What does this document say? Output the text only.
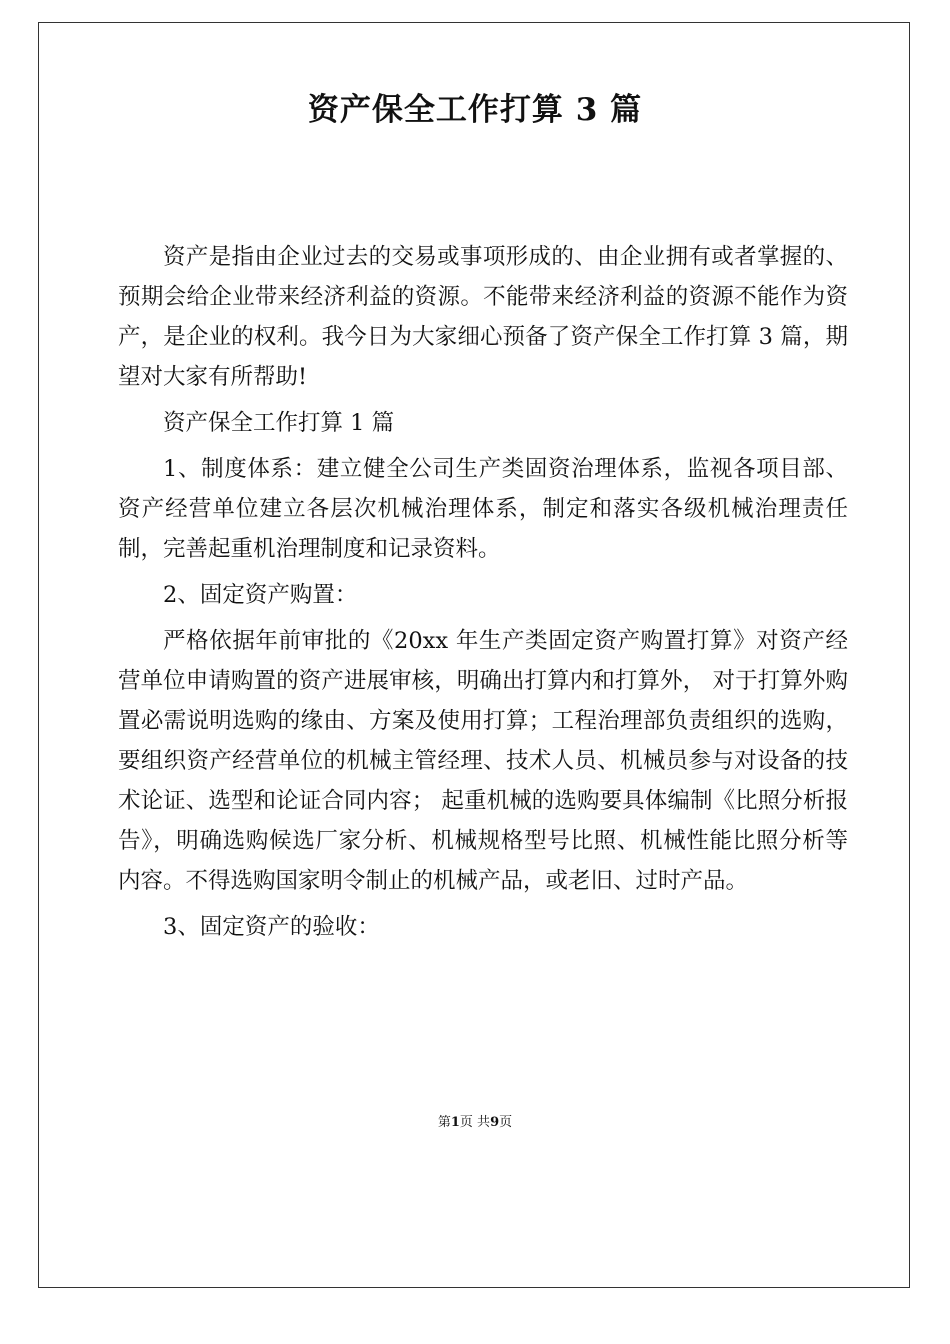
资产保全工作打算 3 篇

资产是指由企业过去的交易或事项形成的、由企业拥有或者掌握的、预期会给企业带来经济利益的资源。不能带来经济利益的资源不能作为资产，是企业的权利。我今日为大家细心预备了资产保全工作打算 3 篇，期望对大家有所帮助!

资产保全工作打算 1 篇

1、制度体系：建立健全公司生产类固资治理体系，监视各项目部、资产经营单位建立各层次机械治理体系，制定和落实各级机械治理责任制，完善起重机治理制度和记录资料。

2、固定资产购置：

严格依据年前审批的《20xx 年生产类固定资产购置打算》对资产经营单位申请购置的资产进展审核，明确出打算内和打算外， 对于打算外购置必需说明选购的缘由、方案及使用打算；工程治理部负责组织的选购，要组织资产经营单位的机械主管经理、技术人员、机械员参与对设备的技术论证、选型和论证合同内容； 起重机械的选购要具体编制《比照分析报告》，明确选购候选厂家分析、机械规格型号比照、机械性能比照分析等内容。不得选购国家明令制止的机械产品，或老旧、过时产品。

3、固定资产的验收：

第1页 共9页
